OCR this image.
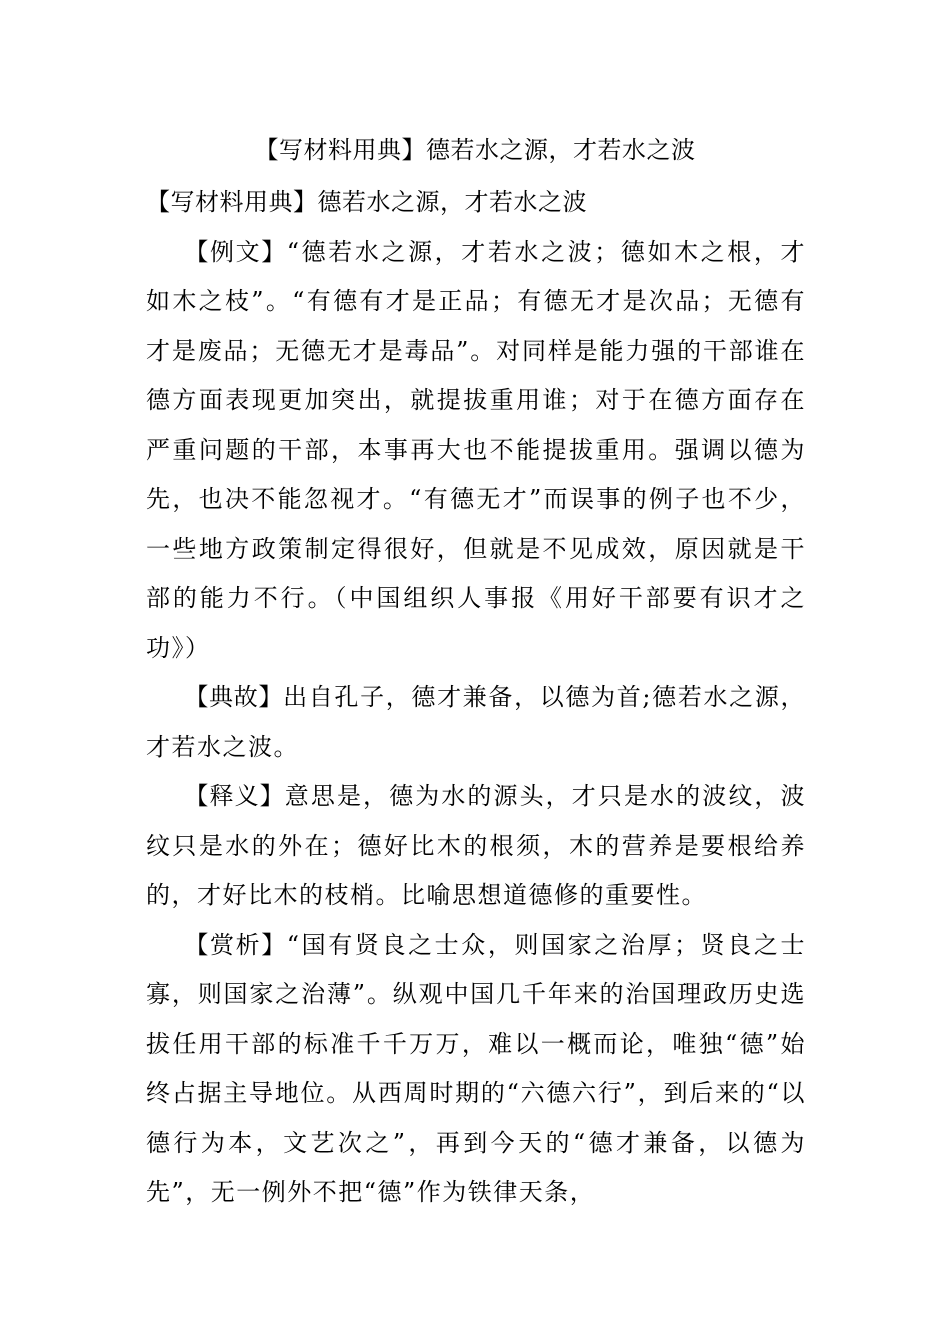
【写材料用典】德若水之源，才若水之波

【写材料用典】德若水之源，才若水之波

【例文】“德若水之源，才若水之波；德如木之根，才如木之枝”。“有德有才是正品；有德无才是次品；无德有才是废品；无德无才是毒品”。对同样是能力强的干部谁在德方面表现更加突出，就提拔重用谁；对于在德方面存在严重问题的干部，本事再大也不能提拔重用。强调以德为先，也决不能忽视才。“有德无才”而误事的例子也不少，一些地方政策制定得很好，但就是不见成效，原因就是干部的能力不行。（中国组织人事报《用好干部要有识才之功》）

【典故】出自孔子，德才兼备，以德为首;德若水之源，才若水之波。

【释义】意思是，德为水的源头，才只是水的波纹，波纹只是水的外在；德好比木的根须，木的营养是要根给养的，才好比木的枝梢。比喻思想道德修的重要性。

【赏析】“国有贤良之士众，则国家之治厚；贤良之士寡，则国家之治薄”。纵观中国几千年来的治国理政历史选拔任用干部的标准千千万万，难以一概而论，唯独“德”始终占据主导地位。从西周时期的“六德六行”，到后来的“以德行为本，文艺次之”，再到今天的“德才兼备，以德为先”，无一例外不把“德”作为铁律天条，
